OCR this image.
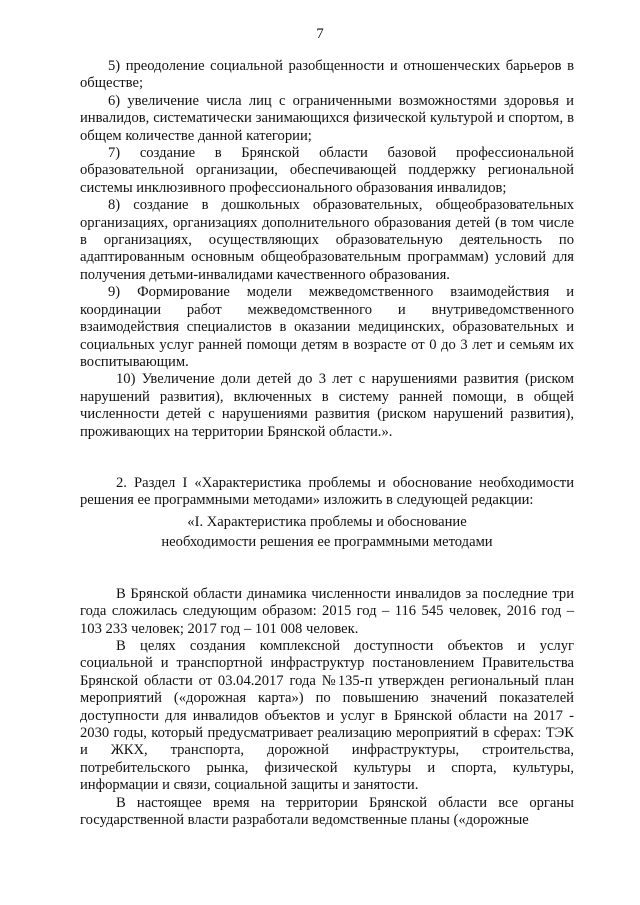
7

5) преодоление социальной разобщенности и отношенческих барьеров в обществе;

6) увеличение числа лиц с ограниченными возможностями здоровья и инвалидов, систематически занимающихся физической культурой и спортом, в общем количестве данной категории;

7) создание в Брянской области базовой профессиональной образовательной организации, обеспечивающей поддержку региональной системы инклюзивного профессионального образования инвалидов;

8) создание в дошкольных образовательных, общеобразовательных организациях, организациях дополнительного образования детей (в том числе в организациях, осуществляющих образовательную деятельность по адаптированным основным общеобразовательным программам) условий для получения детьми-инвалидами качественного образования.

9) Формирование модели межведомственного взаимодействия и координации работ межведомственного и внутриведомственного взаимодействия специалистов в оказании медицинских, образовательных и социальных услуг ранней помощи детям в возрасте от 0 до 3 лет и семьям их воспитывающим.

10) Увеличение доли детей до 3 лет с нарушениями развития (риском нарушений развития), включенных в систему ранней помощи, в общей численности детей с нарушениями развития (риском нарушений развития), проживающих на территории Брянской области.».

2. Раздел I «Характеристика проблемы и обоснование необходимости решения ее программными методами» изложить в следующей редакции:

«I. Характеристика проблемы и обоснование

необходимости решения ее программными методами

В Брянской области динамика численности инвалидов за последние три года сложилась следующим образом: 2015 год – 116 545 человек, 2016 год – 103 233 человек; 2017 год – 101 008 человек.

В целях создания комплексной доступности объектов и услуг социальной и транспортной инфраструктур постановлением Правительства Брянской области от 03.04.2017 года №135-п утвержден региональный план мероприятий («дорожная карта») по повышению значений показателей доступности для инвалидов объектов и услуг в Брянской области на 2017 - 2030 годы, который предусматривает реализацию мероприятий в сферах: ТЭК и ЖКХ, транспорта, дорожной инфраструктуры, строительства, потребительского рынка, физической культуры и спорта, культуры, информации и связи, социальной защиты и занятости.

В настоящее время на территории Брянской области все органы государственной власти разработали ведомственные планы («дорожные
